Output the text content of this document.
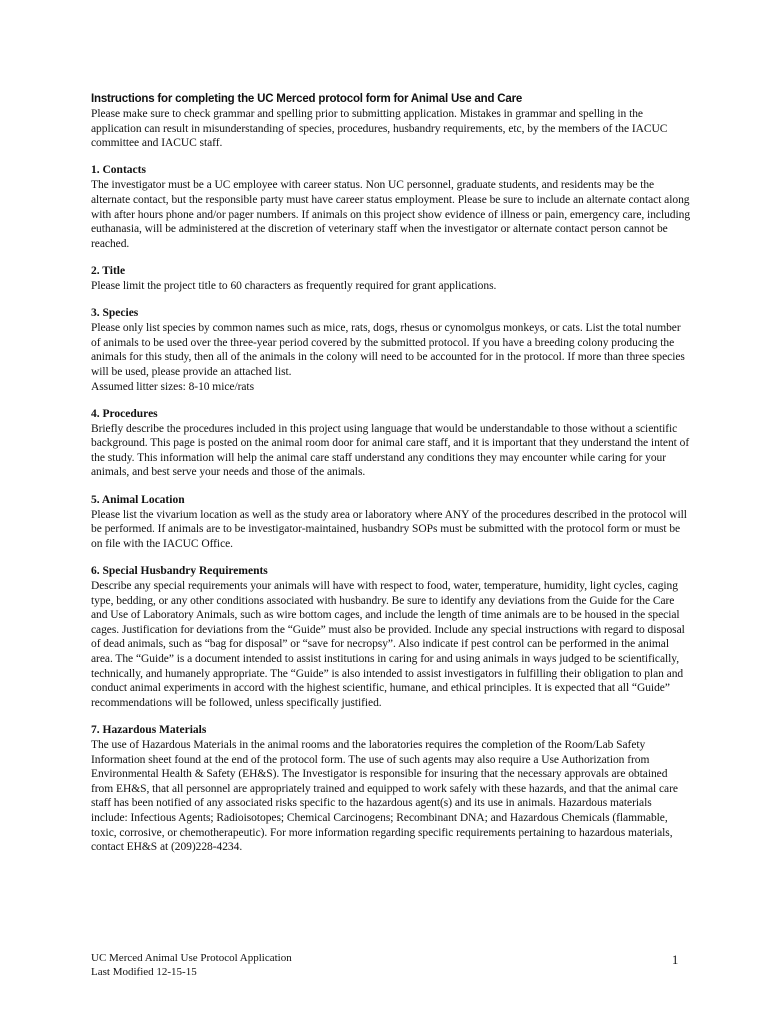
Instructions for completing the UC Merced protocol form for Animal Use and Care

Please make sure to check grammar and spelling prior to submitting application. Mistakes in grammar and spelling in the application can result in misunderstanding of species, procedures, husbandry requirements, etc, by the members of the IACUC committee and IACUC staff.

1. Contacts

The investigator must be a UC employee with career status. Non UC personnel, graduate students, and residents may be the alternate contact, but the responsible party must have career status employment. Please be sure to include an alternate contact along with after hours phone and/or pager numbers. If animals on this project show evidence of illness or pain, emergency care, including euthanasia, will be administered at the discretion of veterinary staff when the investigator or alternate contact person cannot be reached.

2. Title

Please limit the project title to 60 characters as frequently required for grant applications.

3. Species

Please only list species by common names such as mice, rats, dogs, rhesus or cynomolgus monkeys, or cats. List the total number of animals to be used over the three-year period covered by the submitted protocol. If you have a breeding colony producing the animals for this study, then all of the animals in the colony will need to be accounted for in the protocol. If more than three species will be used, please provide an attached list.

Assumed litter sizes: 8-10 mice/rats

4. Procedures

Briefly describe the procedures included in this project using language that would be understandable to those without a scientific background. This page is posted on the animal room door for animal care staff, and it is important that they understand the intent of the study. This information will help the animal care staff understand any conditions they may encounter while caring for your animals, and best serve your needs and those of the animals.

5. Animal Location

Please list the vivarium location as well as the study area or laboratory where ANY of the procedures described in the protocol will be performed. If animals are to be investigator-maintained, husbandry SOPs must be submitted with the protocol form or must be on file with the IACUC Office.

6. Special Husbandry Requirements

Describe any special requirements your animals will have with respect to food, water, temperature, humidity, light cycles, caging type, bedding, or any other conditions associated with husbandry. Be sure to identify any deviations from the Guide for the Care and Use of Laboratory Animals, such as wire bottom cages, and include the length of time animals are to be housed in the special cages. Justification for deviations from the “Guide” must also be provided. Include any special instructions with regard to disposal of dead animals, such as “bag for disposal” or “save for necropsy”. Also indicate if pest control can be performed in the animal area. The “Guide” is a document intended to assist institutions in caring for and using animals in ways judged to be scientifically, technically, and humanely appropriate. The “Guide” is also intended to assist investigators in fulfilling their obligation to plan and conduct animal experiments in accord with the highest scientific, humane, and ethical principles. It is expected that all “Guide” recommendations will be followed, unless specifically justified.

7. Hazardous Materials

The use of Hazardous Materials in the animal rooms and the laboratories requires the completion of the Room/Lab Safety Information sheet found at the end of the protocol form. The use of such agents may also require a Use Authorization from Environmental Health & Safety (EH&S). The Investigator is responsible for insuring that the necessary approvals are obtained from EH&S, that all personnel are appropriately trained and equipped to work safely with these hazards, and that the animal care staff has been notified of any associated risks specific to the hazardous agent(s) and its use in animals. Hazardous materials include: Infectious Agents; Radioisotopes; Chemical Carcinogens; Recombinant DNA; and Hazardous Chemicals (flammable, toxic, corrosive, or chemotherapeutic). For more information regarding specific requirements pertaining to hazardous materials, contact EH&S at (209)228-4234.

UC Merced Animal Use Protocol Application
Last Modified 12-15-15
1
